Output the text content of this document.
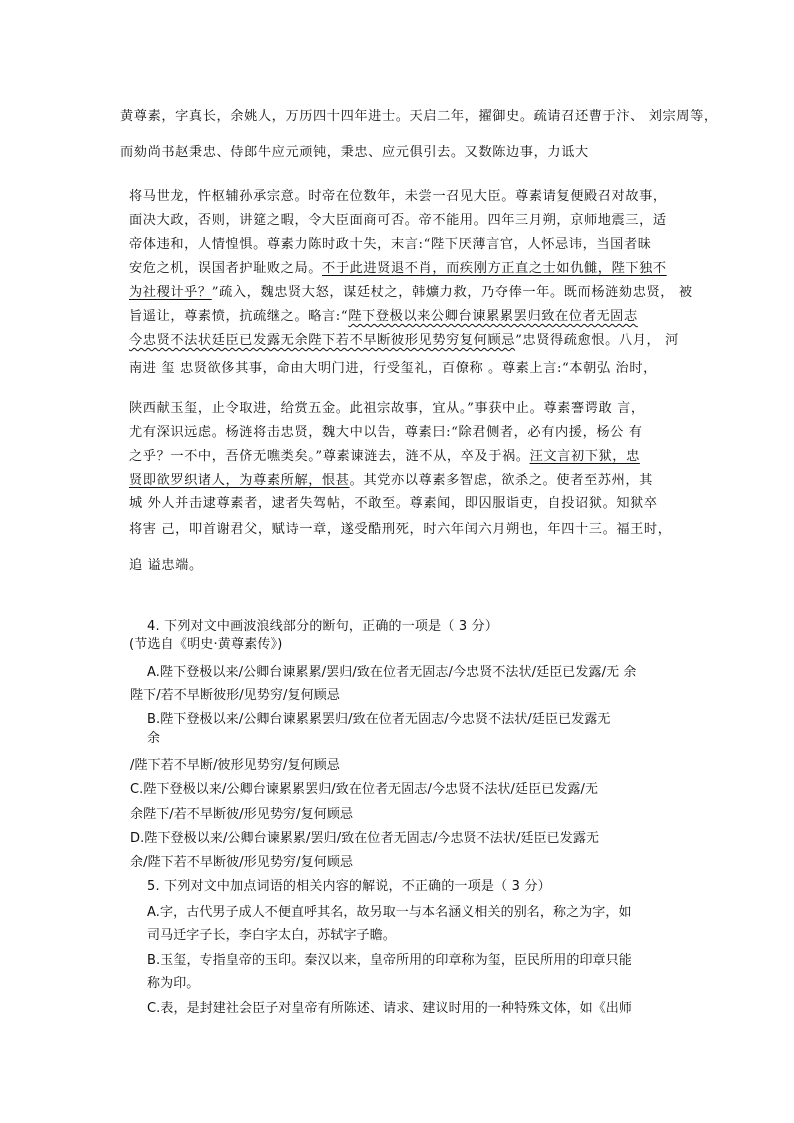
黄尊素，字真长，余姚人，万历四十四年进士。天启二年，擢御史。疏请召还曹于汴、 刘宗周等，
而劾尚书赵秉忠、侍郎牛应元顽钝，秉忠、应元俱引去。又数陈边事，力诋大
将马世龙，忤枢辅孙承宗意。时帝在位数年，未尝一召见大臣。尊素请复便殿召对故事，
面决大政，否则，讲筵之暇，令大臣面商可否。帝不能用。四年三月朔，京师地震三，适
帝体违和，人情惶惧。尊素力陈时政十失，末言:“陛下厌薄言官，人怀忌讳，当国者昧
安危之机，误国者护耻败之局。不于此进贤退不肖，而疾刚方正直之士如仇雠，陛下独不
为社稷计乎？”疏入，魏忠贤大怒，谋廷杖之，韩爌力救，乃夺俸一年。既而杨涟劾忠贤， 被
旨遥让，尊素愤，抗疏继之。略言:“陛下登极以来公卿台谏累累罢归致在位者无固志
今忠贤不法状廷臣已发露无余陛下若不早断彼形见势穷复何顾忌”忠贤得疏愈恨。八月， 河
南进 玺 忠贤欲侈其事，命由大明门进，行受玺礼，百僚称 。尊素上言:“本朝弘 治时，
陕西献玉玺，止令取进，给赏五金。此祖宗故事，宜从。”事获中止。尊素謇谔敢 言，
尤有深识远虑。杨涟将击忠贤，魏大中以告，尊素曰:“除君侧者，必有内援，杨公 有
之乎？一不中，吾侪无噍类矣。”尊素谏涟去，涟不从，卒及于祸。汪文言初下狱，忠
贤即欲罗织诸人，为尊素所解，恨甚。其党亦以尊素多智虑，欲杀之。使者至苏州，其
城 外人并击逮尊素者，逮者失驾帖，不敢至。尊素闻，即囚服诣吏，自投诏狱。知狱卒
将害 己，叩首谢君父，赋诗一章，遂受酷刑死，时六年闰六月朔也，年四十三。福王时，
追 谥忠端。
4. 下列对文中画波浪线部分的断句，正确的一项是（ 3 分）
(节选自《明史·黄尊素传》)
A.陛下登极以来/公卿台谏累累/罢归/致在位者无固志/今忠贤不法状/廷臣已发露/无 余
陛下/若不早断彼形/见势穷/复何顾忌
B.陛下登极以来/公卿台谏累累罢归/致在位者无固志/今忠贤不法状/廷臣已发露无
余
/陛下若不早断/彼形见势穷/复何顾忌
C.陛下登极以来/公卿台谏累累罢归/致在位者无固志/今忠贤不法状/廷臣已发露/无
余陛下/若不早断彼/形见势穷/复何顾忌
D.陛下登极以来/公卿台谏累累/罢归/致在位者无固志/今忠贤不法状/廷臣已发露无
余/陛下若不早断彼/形见势穷/复何顾忌
5. 下列对文中加点词语的相关内容的解说，不正确的一项是（ 3 分）
A.字，古代男子成人不便直呼其名，故另取一与本名涵义相关的别名，称之为字，如
司马迁字子长，李白字太白，苏轼字子瞻。
B.玉玺，专指皇帝的玉印。秦汉以来，皇帝所用的印章称为玺，臣民所用的印章只能
称为印。
C.表，是封建社会臣子对皇帝有所陈述、请求、建议时用的一种特殊文体，如《出师
